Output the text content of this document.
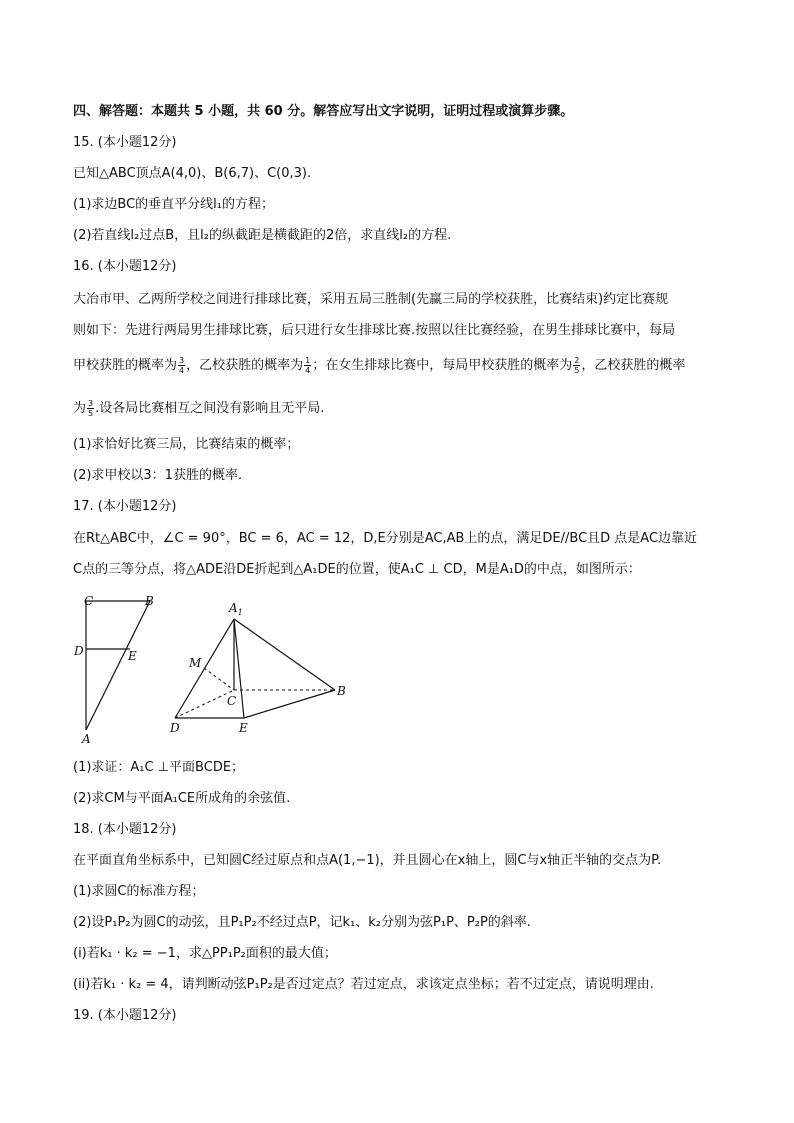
四、解答题：本题共 5 小题，共 60 分。解答应写出文字说明，证明过程或演算步骤。
15. (本小题12分)
已知△ABC顶点A(4,0)、B(6,7)、C(0,3).
(1)求边BC的垂直平分线l₁的方程；
(2)若直线l₂过点B，且l₂的纵截距是横截距的2倍，求直线l₂的方程.
16. (本小题12分)
大冶市甲、乙两所学校之间进行排球比赛，采用五局三胜制(先赢三局的学校获胜，比赛结束)约定比赛规
则如下：先进行两局男生排球比赛，后只进行女生排球比赛.按照以往比赛经验，在男生排球比赛中，每局
甲校获胜的概率为 $\frac{3}{4}$ ，乙校获胜的概率为 $\frac{1}{4}$ ；在女生排球比赛中，每局甲校获胜的概率为 $\frac{2}{5}$ ，乙校获胜的概率
为 $\frac{3}{5}$ .设各局比赛相互之间没有影响且无平局.
(1)求恰好比赛三局，比赛结束的概率；
(2)求甲校以3：1获胜的概率.
17. (本小题12分)
在Rt△ABC中，∠C = 90°，BC = 6，AC = 12，D,E分别是AC,AB上的点，满足DE//BC且D 点是AC边靠近
C点的三等分点，将△ADE沿DE折起到△A₁DE的位置，使A₁C ⊥ CD，M是A₁D的中点，如图所示：
C	B
D	E
A
$A_1$
M
C
B
D	E
(1)求证：A₁C ⊥平面BCDE；
(2)求CM与平面A₁CE所成角的余弦值.
18. (本小题12分)
在平面直角坐标系中，已知圆C经过原点和点A(1,−1)，并且圆心在x轴上，圆C与x轴正半轴的交点为P.
(1)求圆C的标准方程；
(2)设P₁P₂为圆C的动弦，且P₁P₂不经过点P，记k₁、k₂分别为弦P₁P、P₂P的斜率.
(i)若k₁ · k₂ = −1，求△PP₁P₂面积的最大值；
(ii)若k₁ · k₂ = 4，请判断动弦P₁P₂是否过定点？若过定点，求该定点坐标；若不过定点，请说明理由.
19. (本小题12分)
